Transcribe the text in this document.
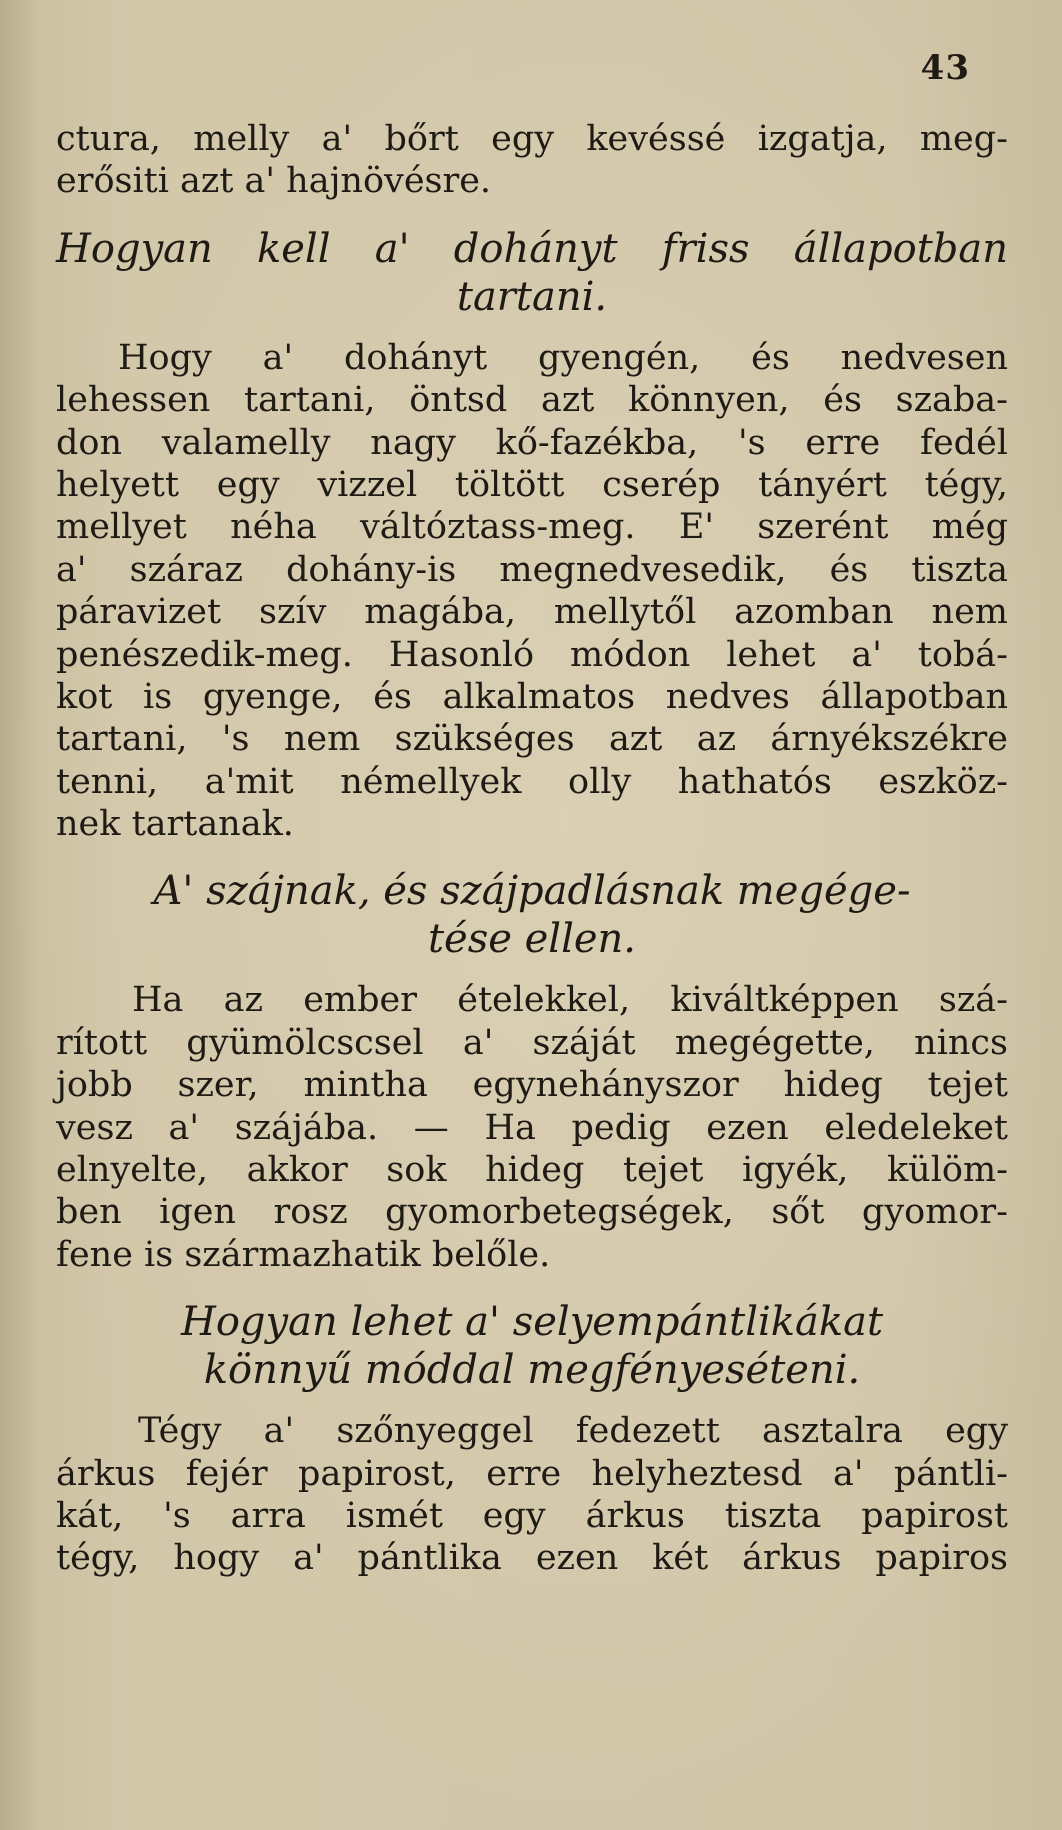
43
ctura, melly a' bőrt egy kevéssé izgatja, meg-
erősiti azt a' hajnövésre.
Hogyan kell a' dohányt friss állapotban
tartani.
Hogy a' dohányt gyengén, és nedvesen
lehessen tartani, öntsd azt könnyen, és szaba-
don valamelly nagy kő-fazékba, 's erre fedél
helyett egy vizzel töltött cserép tányért tégy,
mellyet néha váltóztass-meg. E' szerént még
a' száraz dohány-is megnedvesedik, és tiszta
páravizet szív magába, mellytől azomban nem
penészedik-meg. Hasonló módon lehet a' tobá-
kot is gyenge, és alkalmatos nedves állapotban
tartani, 's nem szükséges azt az árnyékszékre
tenni, a'mit némellyek olly hathatós eszköz-
nek tartanak.
A' szájnak, és szájpadlásnak megége-
tése ellen.
Ha az ember ételekkel, kiváltképpen szá-
rított gyümölcscsel a' száját megégette, nincs
jobb szer, mintha egynehányszor hideg tejet
vesz a' szájába. — Ha pedig ezen eledeleket
elnyelte, akkor sok hideg tejet igyék, külöm-
ben igen rosz gyomorbetegségek, sőt gyomor-
fene is származhatik belőle.
Hogyan lehet a' selyempántlikákat
könnyű móddal megfényeséteni.
Tégy a' szőnyeggel fedezett asztalra egy
árkus fejér papirost, erre helyheztesd a' pántli-
kát, 's arra ismét egy árkus tiszta papirost
tégy, hogy a' pántlika ezen két árkus papiros
